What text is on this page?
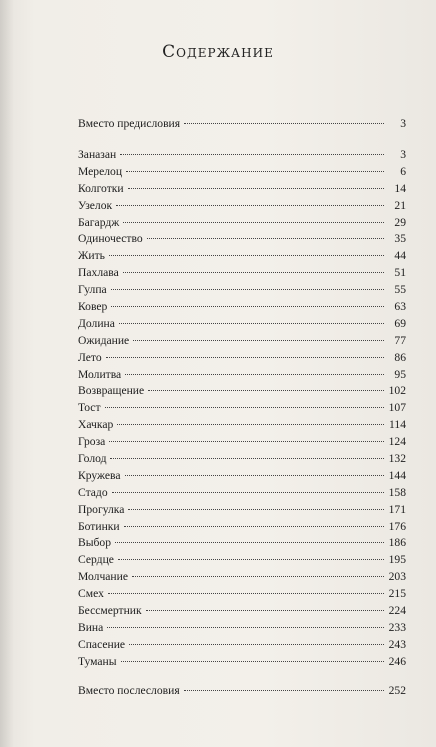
Содержание
Вместо предисловия	3
Заназан	3
Мерелоц	6
Колготки	14
Узелок	21
Багардж	29
Одиночество	35
Жить	44
Пахлава	51
Гулпа	55
Ковер	63
Долина	69
Ожидание	77
Лето	86
Молитва	95
Возвращение	102
Тост	107
Хачкар	114
Гроза	124
Голод	132
Кружева	144
Стадо	158
Прогулка	171
Ботинки	176
Выбор	186
Сердце	195
Молчание	203
Смех	215
Бессмертник	224
Вина	233
Спасение	243
Туманы	246
Вместо послесловия	252
